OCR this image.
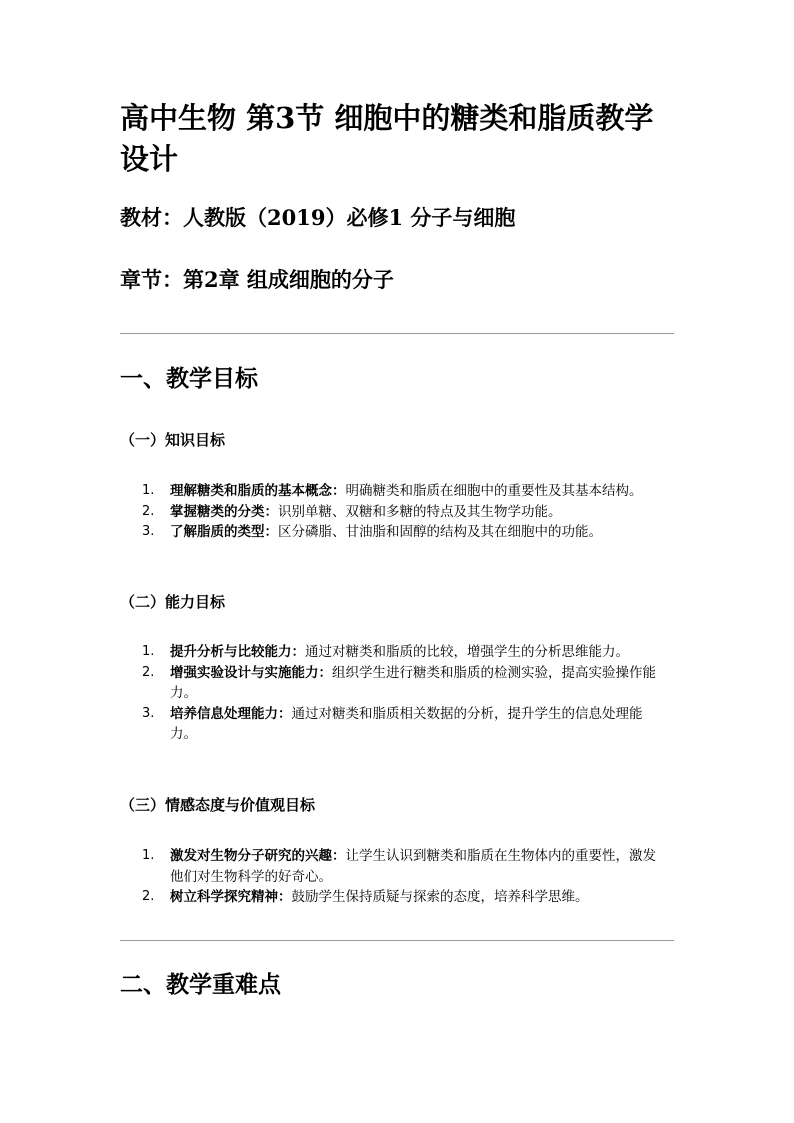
高中生物 第3节 细胞中的糖类和脂质教学设计

教材：人教版（2019）必修1 分子与细胞

章节：第2章 组成细胞的分子

一、教学目标
（一）知识目标
1. 理解糖类和脂质的基本概念：明确糖类和脂质在细胞中的重要性及其基本结构。
2. 掌握糖类的分类：识别单糖、双糖和多糖的特点及其生物学功能。
3. 了解脂质的类型：区分磷脂、甘油脂和固醇的结构及其在细胞中的功能。
（二）能力目标
1. 提升分析与比较能力：通过对糖类和脂质的比较，增强学生的分析思维能力。
2. 增强实验设计与实施能力：组织学生进行糖类和脂质的检测实验，提高实验操作能力。
3. 培养信息处理能力：通过对糖类和脂质相关数据的分析，提升学生的信息处理能力。
（三）情感态度与价值观目标
1. 激发对生物分子研究的兴趣：让学生认识到糖类和脂质在生物体内的重要性，激发他们对生物科学的好奇心。
2. 树立科学探究精神：鼓励学生保持质疑与探索的态度，培养科学思维。
二、教学重难点
